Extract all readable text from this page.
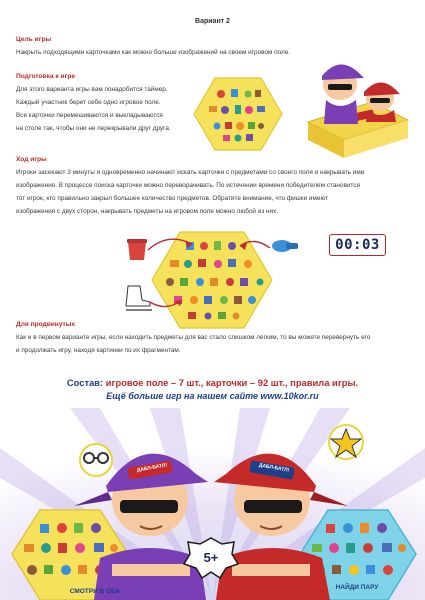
Вариант 2
Цель игры
Накрыть подходящими карточками как можно больше изображений на своем игровом поле.
Подготовка к игре
Для этого варианта игры вам понадобится таймер.
Каждый участник берет себе одно игровое поле.
Все карточки перемешиваются и выкладываются
на столе так, чтобы они не перекрывали друг друга.
Ход игры
Игроки засекают 3 минуты и одновременно начинают искать карточки с предметами со своего поля и накрывать ими
изображения. В процессе поиска карточки можно переворачивать. По истечении времени победителем становится
тот игрок, кто правильно закрыл большее количество предметов. Обратите внимание, что фишки имеют
изображения с двух сторон, накрывать предметы на игровом поле можно любой из них.
00:03
Для продвинутых
Как и в первом варианте игры, если находить предметы для вас стало слишком легким, то вы можете перевернуть его
и продолжать игру, находя картинки по их фрагментам.
Состав: игровое поле – 7 шт., карточки – 92 шт., правила игры.
Ещё больше игр на нашем сайте www.10kor.ru
ДАБЛ-БАТЛ!	ДАБЛ-БАТЛ!
5+
СМОТРИ В ОБА
НАЙДИ ПАРУ
